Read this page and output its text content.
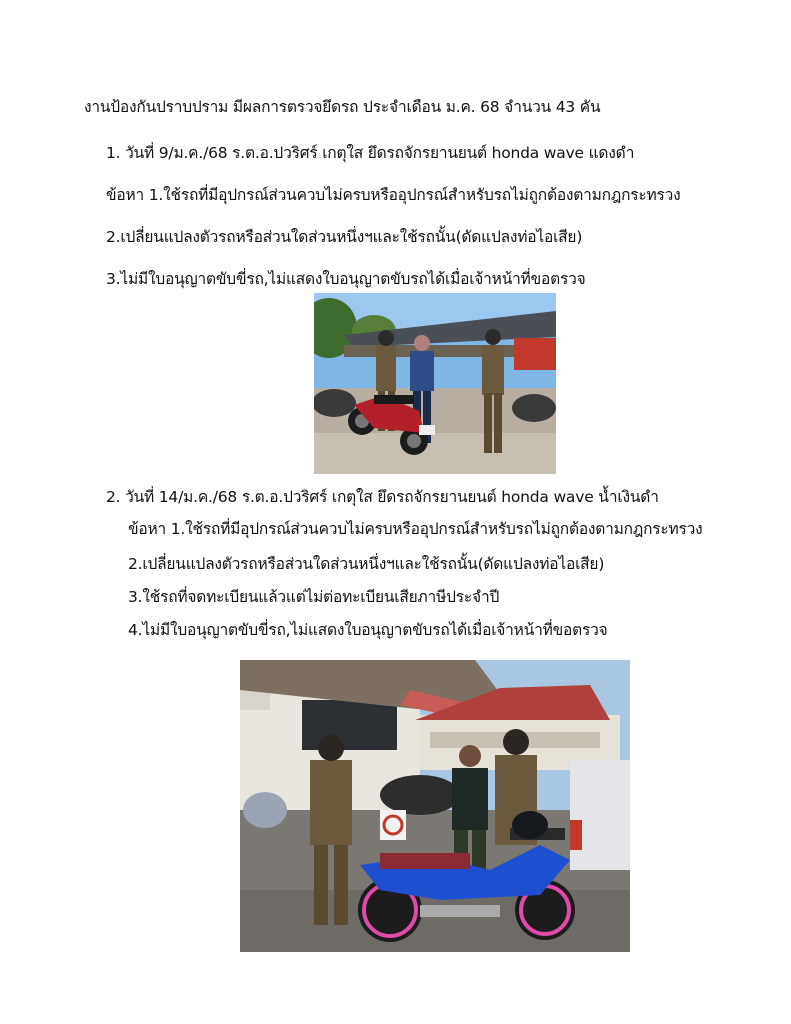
งานป้องกันปราบปราม มีผลการตรวจยึดรถ ประจำเดือน ม.ค. 68 จำนวน 43 คัน
1. วันที่ 9/ม.ค./68 ร.ต.อ.ปวริศร์ เกตุใส ยึดรถจักรยานยนต์ honda wave แดงดำ
ข้อหา 1.ใช้รถที่มีอุปกรณ์ส่วนควบไม่ครบหรืออุปกรณ์สำหรับรถไม่ถูกต้องตามกฎกระทรวง
2.เปลี่ยนแปลงตัวรถหรือส่วนใดส่วนหนึ่งฯและใช้รถนั้น(ดัดแปลงท่อไอเสีย)
3.ไม่มีใบอนุญาตขับขี่รถ,ไม่แสดงใบอนุญาตขับรถได้เมื่อเจ้าหน้าที่ขอตรวจ
2. วันที่ 14/ม.ค./68 ร.ต.อ.ปวริศร์ เกตุใส ยึดรถจักรยานยนต์ honda wave น้ำเงินดำ
ข้อหา 1.ใช้รถที่มีอุปกรณ์ส่วนควบไม่ครบหรืออุปกรณ์สำหรับรถไม่ถูกต้องตามกฎกระทรวง
2.เปลี่ยนแปลงตัวรถหรือส่วนใดส่วนหนึ่งฯและใช้รถนั้น(ดัดแปลงท่อไอเสีย)
3.ใช้รถที่จดทะเบียนแล้วแต่ไม่ต่อทะเบียนเสียภาษีประจำปี
4.ไม่มีใบอนุญาตขับขี่รถ,ไม่แสดงใบอนุญาตขับรถได้เมื่อเจ้าหน้าที่ขอตรวจ
